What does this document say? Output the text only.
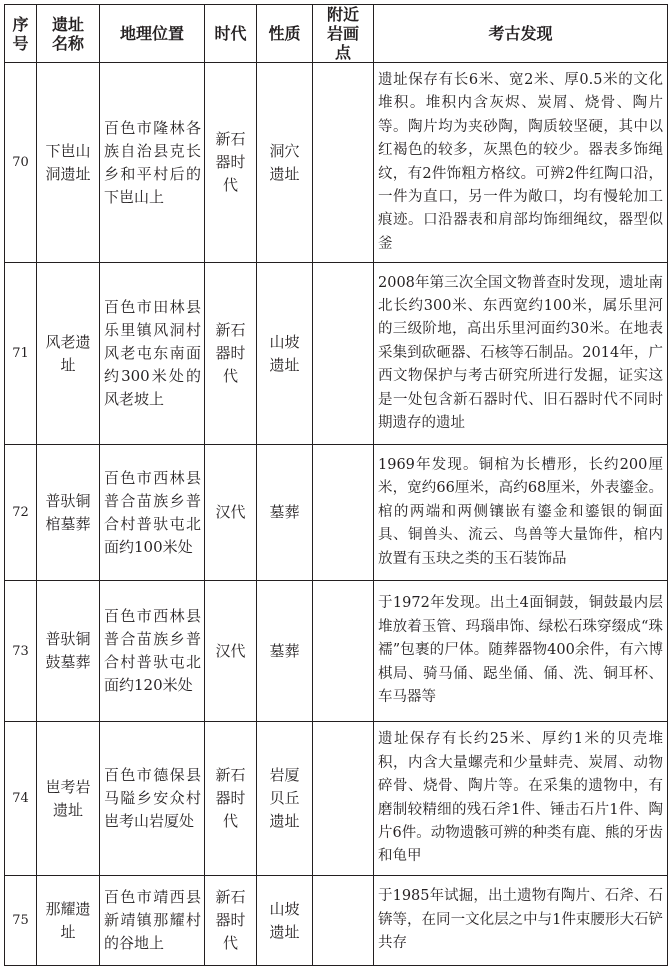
序号	遗址名称	地理位置	时代	性质	附近岩画点	考古发现
70	下岜山洞遗址	百色市隆林各族自治县克长乡和平村后的下岜山上	新石器时代	洞穴遗址		遗址保存有长6米、宽2米、厚0.5米的文化堆积。堆积内含灰烬、炭屑、烧骨、陶片等。陶片均为夹砂陶，陶质较坚硬，其中以红褐色的较多，灰黑色的较少。器表多饰绳纹，有2件饰粗方格纹。可辨2件红陶口沿，一件为直口，另一件为敞口，均有慢轮加工痕迹。口沿器表和肩部均饰细绳纹，器型似釜
71	风老遗址	百色市田林县乐里镇风洞村风老屯东南面约300米处的风老坡上	新石器时代	山坡遗址		2008年第三次全国文物普查时发现，遗址南北长约300米、东西宽约100米，属乐里河的三级阶地，高出乐里河面约30米。在地表采集到砍砸器、石核等石制品。2014年，广西文物保护与考古研究所进行发掘，证实这是一处包含新石器时代、旧石器时代不同时期遗存的遗址
72	普驮铜棺墓葬	百色市西林县普合苗族乡普合村普驮屯北面约100米处	汉代	墓葬		1969年发现。铜棺为长槽形，长约200厘米，宽约66厘米，高约68厘米，外表鎏金。棺的两端和两侧镶嵌有鎏金和鎏银的铜面具、铜兽头、流云、鸟兽等大量饰件，棺内放置有玉玦之类的玉石装饰品
73	普驮铜鼓墓葬	百色市西林县普合苗族乡普合村普驮屯北面约120米处	汉代	墓葬		于1972年发现。出土4面铜鼓，铜鼓最内层堆放着玉管、玛瑙串饰、绿松石珠穿缀成“珠襦”包裹的尸体。随葬器物400余件，有六博棋局、骑马俑、跽坐俑、俑、洗、铜耳杯、车马器等
74	岜考岩遗址	百色市德保县马隘乡安众村岜考山岩厦处	新石器时代	岩厦贝丘遗址		遗址保存有长约25米、厚约1米的贝壳堆积，内含大量螺壳和少量蚌壳、炭屑、动物碎骨、烧骨、陶片等。在采集的遗物中，有磨制较精细的残石斧1件、锤击石片1件、陶片6件。动物遗骸可辨的种类有鹿、熊的牙齿和龟甲
75	那耀遗址	百色市靖西县新靖镇那耀村的谷地上	新石器时代	山坡遗址		于1985年试掘，出土遗物有陶片、石斧、石锛等，在同一文化层之中与1件束腰形大石铲共存
